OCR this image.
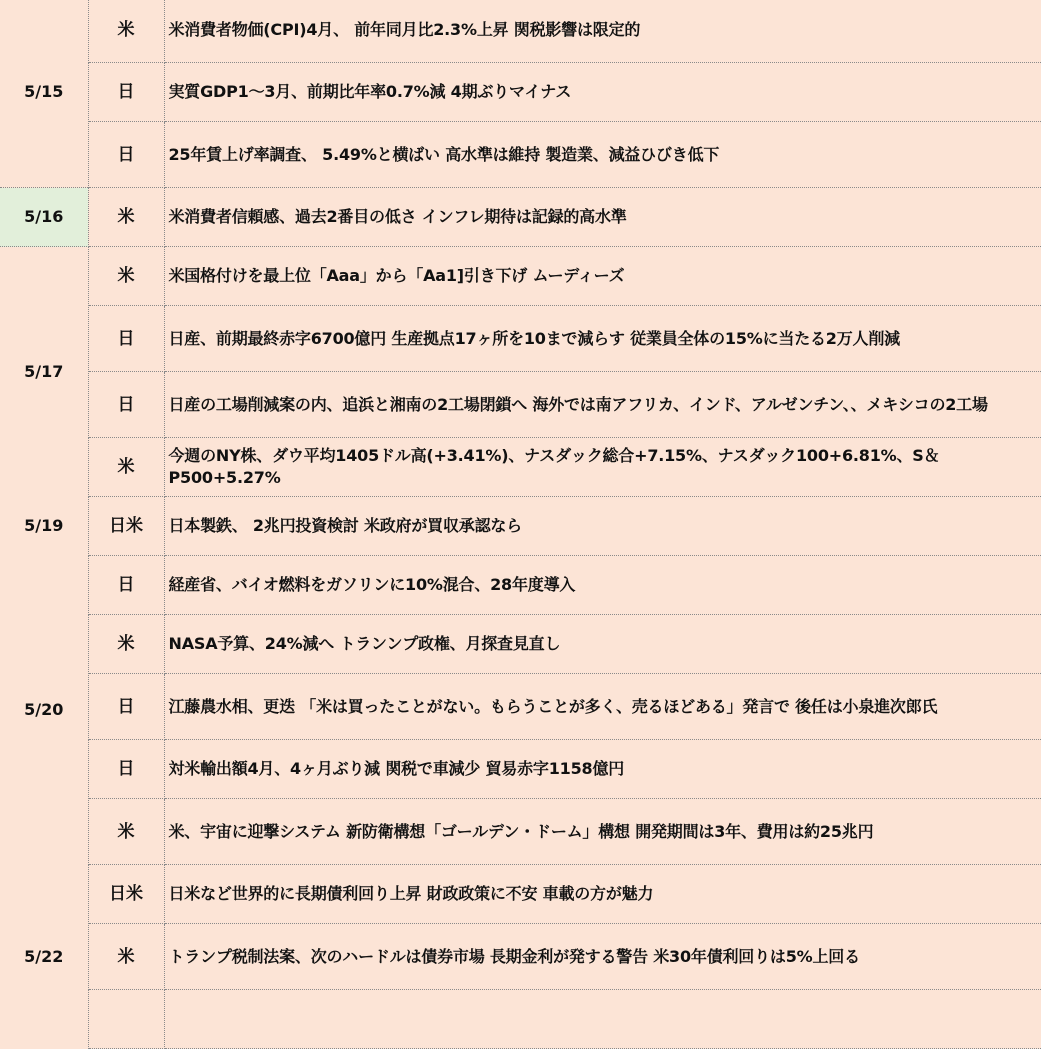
5/15	米	米消費者物価(CPI)4月、 前年同月比2.3%上昇 関税影響は限定的
	日	実質GDP1～3月、前期比年率0.7%減 4期ぶりマイナス
	日	25年賃上げ率調査、 5.49%と横ばい 高水準は維持 製造業、減益ひびき低下
5/16	米	米消費者信頼感、過去2番目の低さ インフレ期待は記録的高水準
5/17	米	米国格付けを最上位「Aaa」から「Aa1]引き下げ ムーディーズ
	日	日産、前期最終赤字6700億円 生産拠点17ヶ所を10まで減らす 従業員全体の15%に当たる2万人削減
	日	日産の工場削減案の内、追浜と湘南の2工場閉鎖へ 海外では南アフリカ、インド、アルゼンチン、、メキシコの2工場
	米	今週のNY株、ダウ平均1405ドル高(+3.41%)、ナスダック総合+7.15%、ナスダック100+6.81%、S＆P500+5.27%
5/19	日米	日本製鉄、 2兆円投資検討 米政府が買収承認なら
5/20	日	経産省、バイオ燃料をガソリンに10%混合、28年度導入
	米	NASA予算、24%減へ トランンプ政権、月探査見直し
	日	江藤農水相、更迭 「米は買ったことがない。もらうことが多く、売るほどある」発言で 後任は小泉進次郎氏
	日	対米輸出額4月、4ヶ月ぶり減 関税で車減少 貿易赤字1158億円
	米	米、宇宙に迎撃システム 新防衛構想「ゴールデン・ドーム」構想 開発期間は3年、費用は約25兆円
5/22	日米	日米など世界的に長期債利回り上昇 財政政策に不安 車載の方が魅力
	米	トランプ税制法案、次のハードルは債券市場 長期金利が発する警告 米30年債利回りは5%上回る
